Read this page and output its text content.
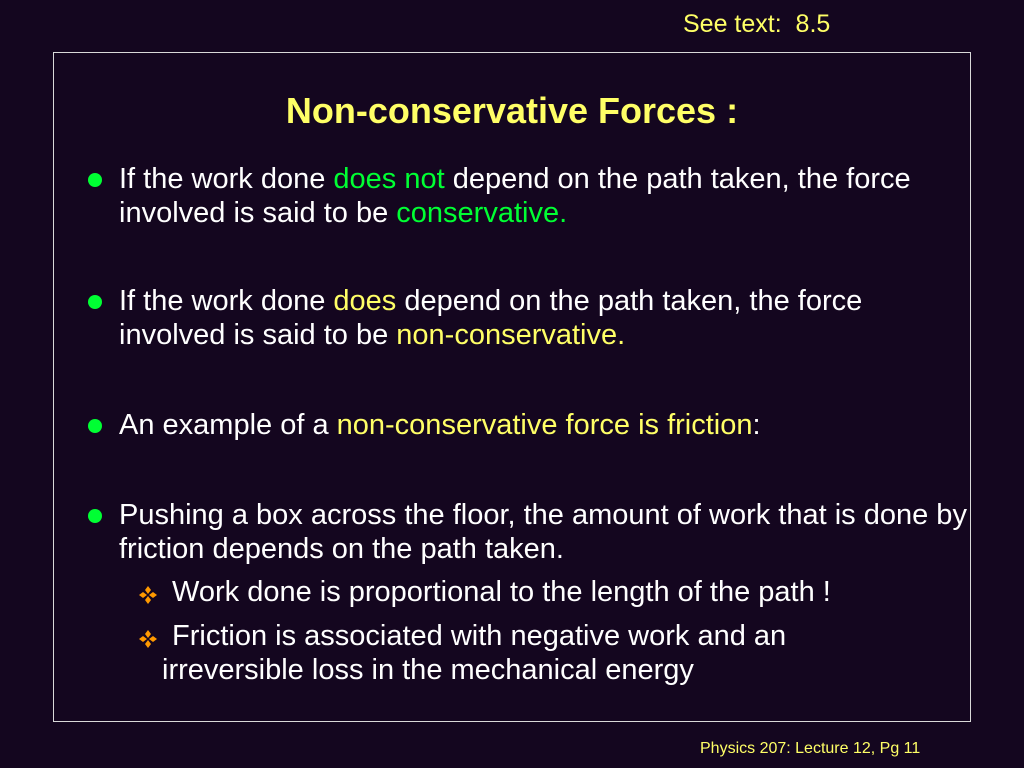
See text:  8.5
Non-conservative Forces :
If the work done does not depend on the path taken, the force involved is said to be conservative.
If the work done does depend on the path taken, the force involved is said to be non-conservative.
An example of a non-conservative force is friction:
Pushing a box across the floor, the amount of work that is done by friction depends on the path taken.
Work done is proportional to the length of the path !
Friction is associated with negative work and an
irreversible loss in the mechanical energy
Physics 207: Lecture 12, Pg 11
